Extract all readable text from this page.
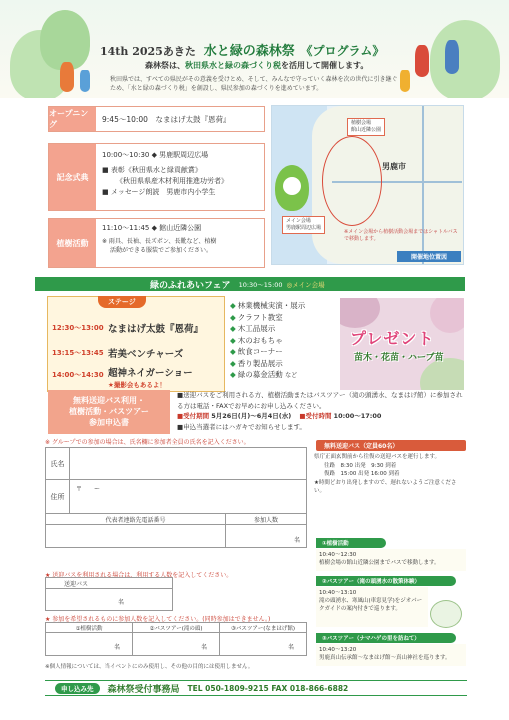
14th 2025あきた 水と緑の森林祭 《プログラム》
森林祭は、秋田県水と緑の森づくり税を活用して開催します。
秋田県では、すべての県民がその意義を受けとめ、そして、みんなで守っていく森林を次の世代に引き継ぐため、「水と緑の森づくり税」を創設し、県民参加の森づくりを進めています。
オープニング
9:45〜10:00　なまはげ太鼓『恩荷』
記念式典
10:00〜10:30 ◆ 男鹿駅周辺広場
■ 表彰《秋田県水と緑貢献賞》
《秋田県県産木材利用推進功労者》
■ メッセージ朗読　男鹿市内小学生
植樹活動
11:10〜11:45 ◆ 館山近隣公園
※ 雨具、長袖、長ズボン、長靴など、植樹
活動ができる服装でご参加ください。
男鹿市
植樹会場
館山近隣公園
メイン会場
男鹿駅周辺広場
※メイン会場から植樹活動会場まではシャトルバスで移動します。
開催地位置図
緑のふれあいフェア 10:30〜15:00 ◎メイン会場
ステージ
12:30〜13:00 なまはげ太鼓『恩荷』
13:15〜13:45 若美ベンチャーズ
14:00〜14:30 超神ネイガーショー
★撮影会もあるよ！
◆ 林業機械実演・展示
◆ クラフト教室
◆ 木工品展示
◆ 木のおもちゃ
◆ 飲食コーナー
◆ 香り製品展示
◆ 緑の募金活動 など
プレゼント
苗木・花苗・ハーブ苗
無料送迎バス利用・
植樹活動・バスツアー
参加申込書
■送迎バスをご利用される方、植樹活動またはバスツアー（滝の頭湧水、なまはげ館）に参加される方は電話・FAXでお早めにお申し込みください。
■受付期間 5月26日(月)〜6月4日(水) ■受付時間 10:00〜17:00
■申込当選者にはハガキでお知らせします。
※ グループでの参加の場合は、氏名欄に参加者全員の氏名を記入ください。
氏名
住所
〒　　ー
代表者連絡先電話番号	参加人数
名
★ 送迎バスを利用される場合は、利用する人数を記入してください。
送迎バス
名
★ 参加を希望されるものに参加人数を記入してください。(同時参加はできません。)
①植樹活動	②バスツアー(滝の頭)	③バスツアー(なまはげ館)
名	名	名
※個人情報については、当イベントにのみ使用し、その他の目的には使用しません。
無料送迎バス（定員60名）
県庁正面玄関前から往復の送迎バスを運行します。
往路　8:30 出発　9:30 到着
復路　15:00 出発 16:00 到着
★時間どおり出発しますので、遅れないようご注意ください。
①植樹活動
10:40〜12:30
植樹会場の館山近隣公園までバスで移動します。
②バスツアー（滝の頭湧水の散策体験）
10:40〜13:10
滝の頭湧水、寒風山(車窓見学)をジオパークガイドの案内付きで巡ります。
③バスツアー（ナマハゲの里を訪ねて）
10:40〜13:20
男鹿真山伝承館〜なまはげ館〜真山神社を巡ります。
申し込み先	森林祭受付事務局 TEL 050-1809-9215 FAX 018-866-6882
